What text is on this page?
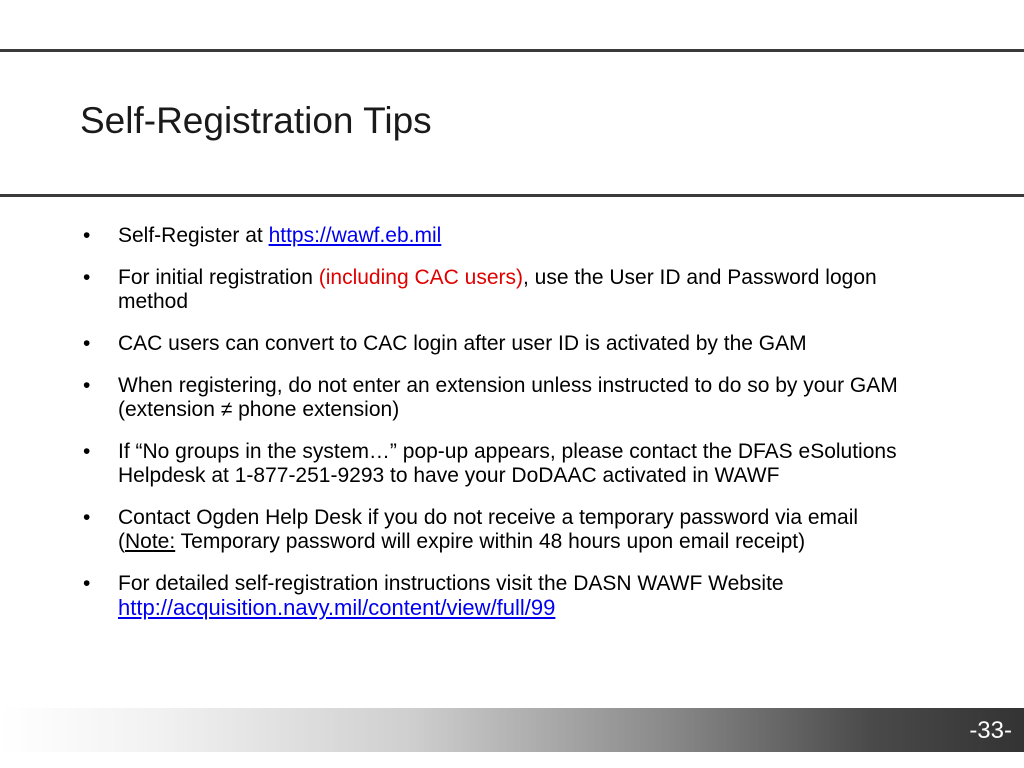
Self-Registration Tips
• Self-Register at https://wawf.eb.mil
• For initial registration (including CAC users), use the User ID and Password logon method
• CAC users can convert to CAC login after user ID is activated by the GAM
• When registering, do not enter an extension unless instructed to do so by your GAM (extension ≠ phone extension)
• If “No groups in the system…” pop-up appears, please contact the DFAS eSolutions Helpdesk at 1-877-251-9293 to have your DoDAAC activated in WAWF
• Contact Ogden Help Desk if you do not receive a temporary password via email (Note: Temporary password will expire within 48 hours upon email receipt)
• For detailed self-registration instructions visit the DASN WAWF Website http://acquisition.navy.mil/content/view/full/99
-33-
